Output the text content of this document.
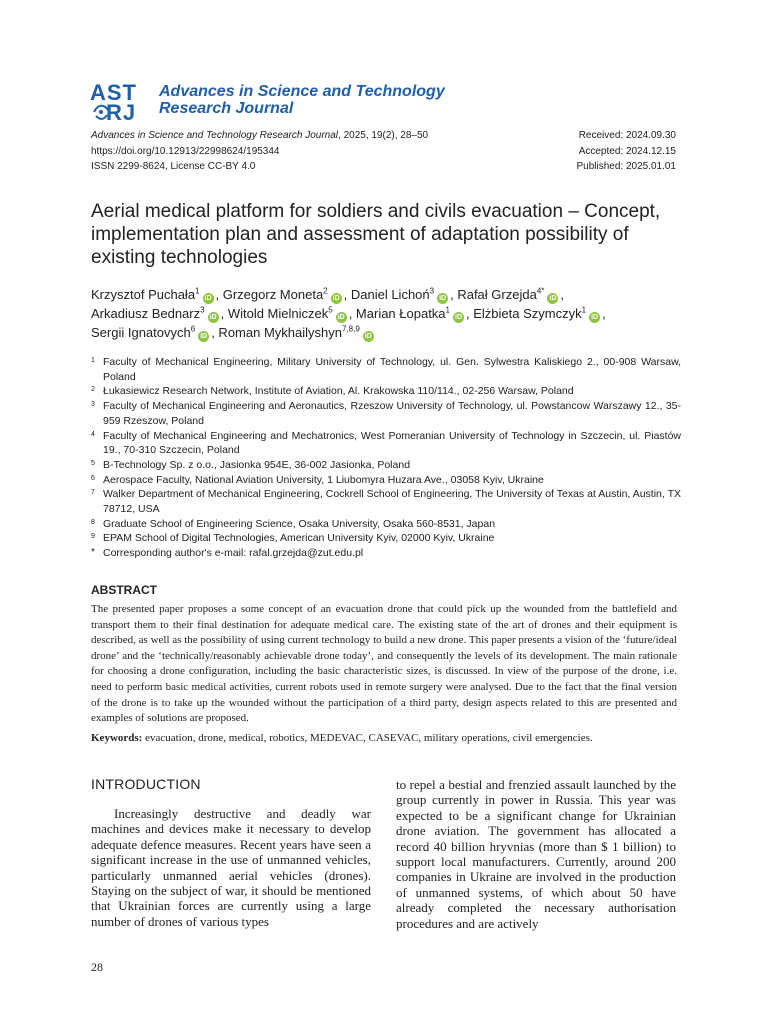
AST
RJ
Advances in Science and Technology
Research Journal
Advances in Science and Technology Research Journal, 2025, 19(2), 28–50
https://doi.org/10.12913/22998624/195344
ISSN 2299-8624, License CC-BY 4.0
Received: 2024.09.30
Accepted: 2024.12.15
Published: 2025.01.01
Aerial medical platform for soldiers and civils evacuation – Concept, implementation plan and assessment of adaptation possibility of existing technologies
Krzysztof Puchała$^1$iD , Grzegorz Moneta$^2$iD , Daniel Lichoń$^3$iD , Rafał Grzejda$^{4*}$iD ,
Arkadiusz Bednarz$^3$iD , Witold Mielniczek$^5$iD , Marian Łopatka$^1$iD , Elżbieta Szymczyk$^1$iD ,
Sergii Ignatovych$^6$iD , Roman Mykhailyshyn$^{7,8,9}$iD
1 Faculty of Mechanical Engineering, Military University of Technology, ul. Gen. Sylwestra Kaliskiego 2., 00-908 Warsaw, Poland
2 Łukasiewicz Research Network, Institute of Aviation, Al. Krakowska 110/114., 02-256 Warsaw, Poland
3 Faculty of Mechanical Engineering and Aeronautics, Rzeszow University of Technology, ul. Powstancow Warszawy 12., 35-959 Rzeszow, Poland
4 Faculty of Mechanical Engineering and Mechatronics, West Pomeranian University of Technology in Szczecin, ul. Piastów 19., 70-310 Szczecin, Poland
5 B-Technology Sp. z o.o., Jasionka 954E, 36-002 Jasionka, Poland
6 Aerospace Faculty, National Aviation University, 1 Liubomyra Huzara Ave., 03058 Kyiv, Ukraine
7 Walker Department of Mechanical Engineering, Cockrell School of Engineering, The University of Texas at Austin, Austin, TX 78712, USA
8 Graduate School of Engineering Science, Osaka University, Osaka 560-8531, Japan
9 EPAM School of Digital Technologies, American University Kyiv, 02000 Kyiv, Ukraine
* Corresponding author's e-mail: rafal.grzejda@zut.edu.pl
ABSTRACT
The presented paper proposes a some concept of an evacuation drone that could pick up the wounded from the battlefield and transport them to their final destination for adequate medical care. The existing state of the art of drones and their equipment is described, as well as the possibility of using current technology to build a new drone. This paper presents a vision of the ‘future/ideal drone’ and the ‘technically/reasonably achievable drone today’, and consequently the levels of its development. The main rationale for choosing a drone configuration, including the basic characteristic sizes, is discussed. In view of the purpose of the drone, i.e. need to perform basic medical activities, current robots used in remote surgery were analysed. Due to the fact that the final version of the drone is to take up the wounded without the participation of a third party, design aspects related to this are presented and examples of solutions are proposed.
Keywords: evacuation, drone, medical, robotics, MEDEVAC, CASEVAC, military operations, civil emergencies.
INTRODUCTION
Increasingly destructive and deadly war machines and devices make it necessary to develop adequate defence measures. Recent years have seen a significant increase in the use of unmanned vehicles, particularly unmanned aerial vehicles (drones). Staying on the subject of war, it should be mentioned that Ukrainian forces are currently using a large number of drones of various types
to repel a bestial and frenzied assault launched by the group currently in power in Russia. This year was expected to be a significant change for Ukrainian drone aviation. The government has allocated a record 40 billion hryvnias (more than $ 1 billion) to support local manufacturers. Currently, around 200 companies in Ukraine are involved in the production of unmanned systems, of which about 50 have already completed the necessary authorisation procedures and are actively
28
